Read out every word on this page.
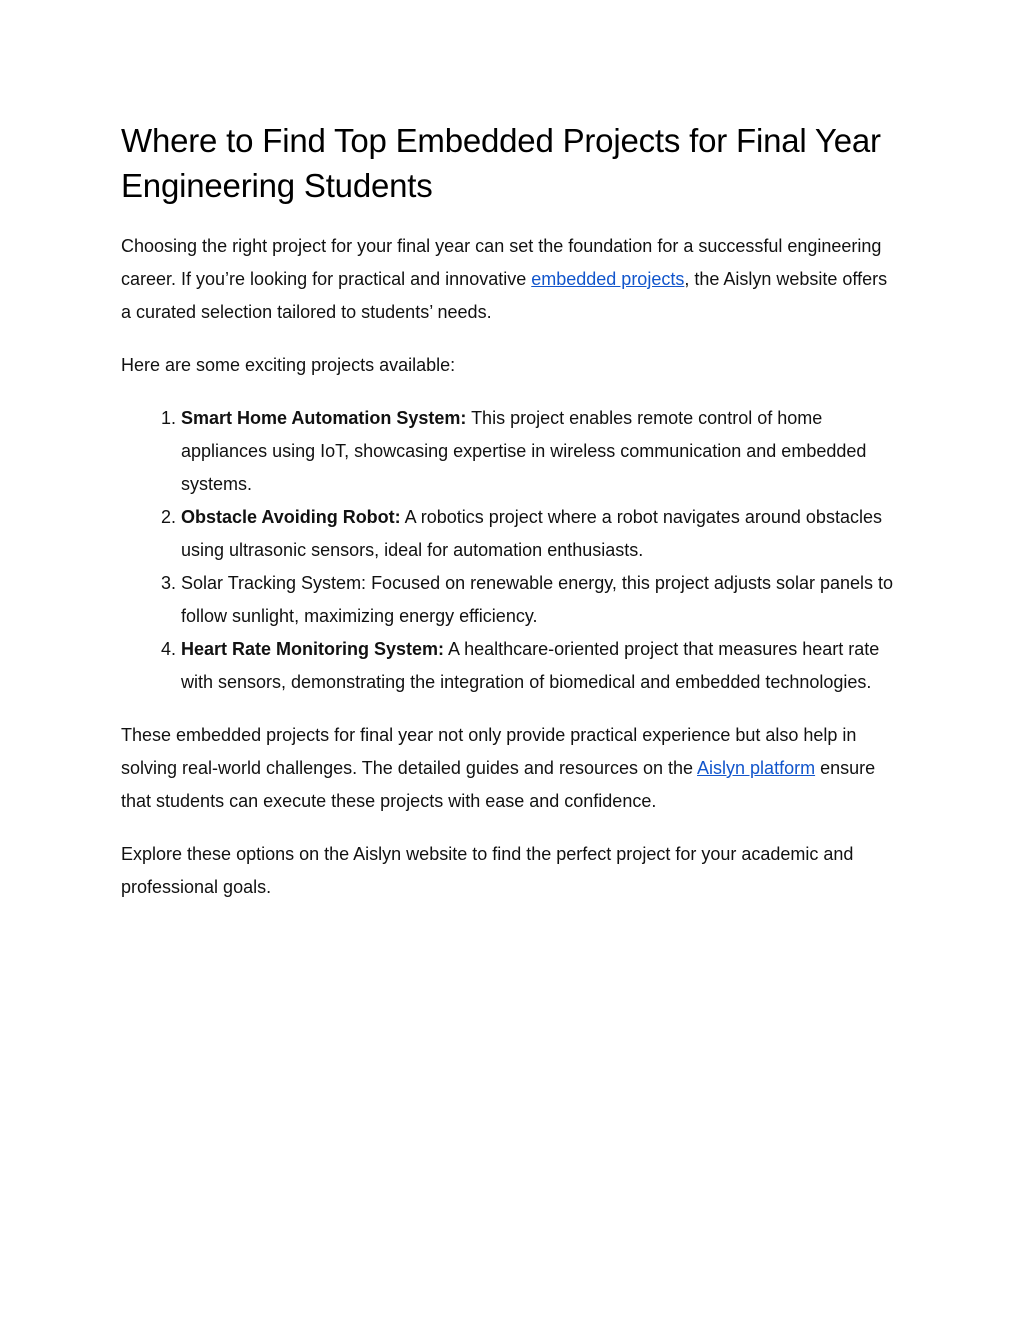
Where to Find Top Embedded Projects for Final Year Engineering Students

Choosing the right project for your final year can set the foundation for a successful engineering career. If you’re looking for practical and innovative embedded projects, the Aislyn website offers a curated selection tailored to students’ needs.

Here are some exciting projects available:

1. Smart Home Automation System: This project enables remote control of home appliances using IoT, showcasing expertise in wireless communication and embedded systems.
2. Obstacle Avoiding Robot: A robotics project where a robot navigates around obstacles using ultrasonic sensors, ideal for automation enthusiasts.
3. Solar Tracking System: Focused on renewable energy, this project adjusts solar panels to follow sunlight, maximizing energy efficiency.
4. Heart Rate Monitoring System: A healthcare-oriented project that measures heart rate with sensors, demonstrating the integration of biomedical and embedded technologies.

These embedded projects for final year not only provide practical experience but also help in solving real-world challenges. The detailed guides and resources on the Aislyn platform ensure that students can execute these projects with ease and confidence.

Explore these options on the Aislyn website to find the perfect project for your academic and professional goals.
